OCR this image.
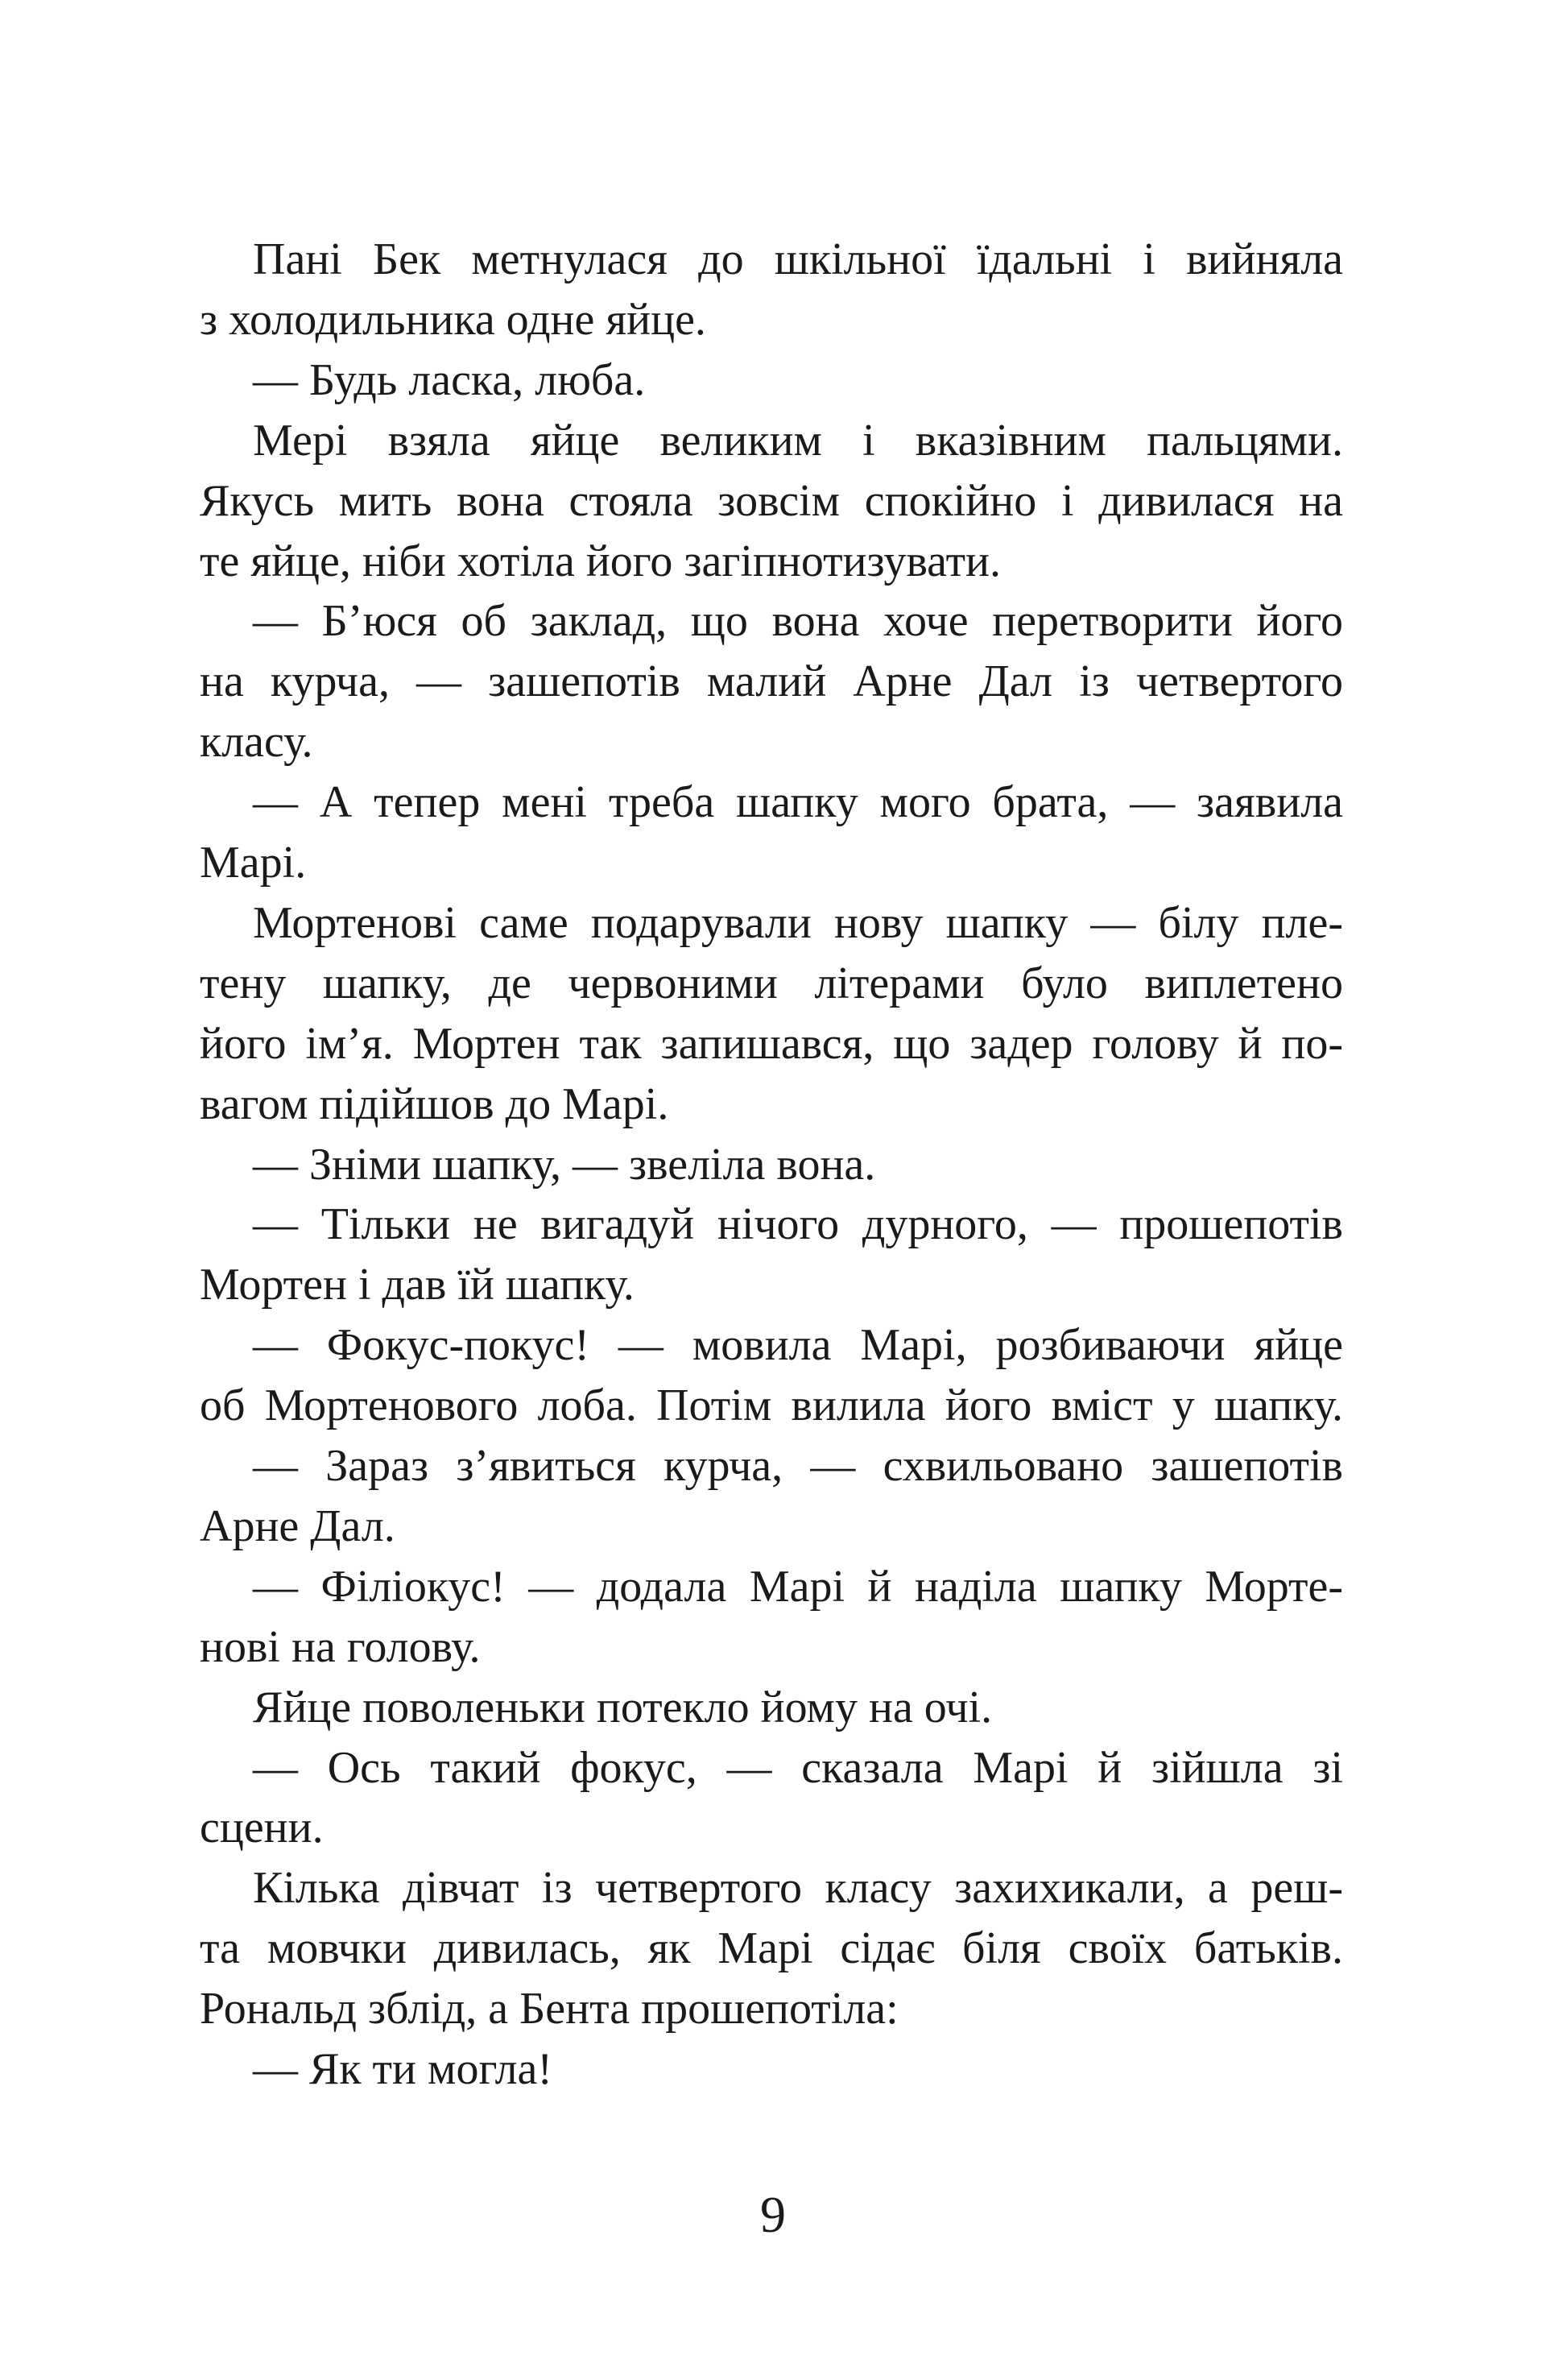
Пані Бек метнулася до шкільної їдальні і вийняла
з холодильника одне яйце.
— Будь ласка, люба.
Мері взяла яйце великим і вказівним пальцями.
Якусь мить вона стояла зовсім спокійно і дивилася на
те яйце, ніби хотіла його загіпнотизувати.
— Б’юся об заклад, що вона хоче перетворити його
на курча, — зашепотів малий Арне Дал із четвертого
класу.
— А тепер мені треба шапку мого брата, — заявила
Марі.
Мортенові саме подарували нову шапку — білу пле-
тену шапку, де червоними літерами було виплетено
його ім’я. Мортен так запишався, що задер голову й по-
вагом підійшов до Марі.
— Зніми шапку, — звеліла вона.
— Тільки не вигадуй нічого дурного, — прошепотів
Мортен і дав їй шапку.
— Фокус-покус! — мовила Марі, розбиваючи яйце
об Мортенового лоба. Потім вилила його вміст у шапку.
— Зараз з’явиться курча, — схвильовано зашепотів
Арне Дал.
— Філіокус! — додала Марі й наділа шапку Морте-
нові на голову.
Яйце поволеньки потекло йому на очі.
— Ось такий фокус, — сказала Марі й зійшла зі
сцени.
Кілька дівчат із четвертого класу захихикали, а реш-
та мовчки дивилась, як Марі сідає біля своїх батьків.
Рональд зблід, а Бента прошепотіла:
— Як ти могла!
9
